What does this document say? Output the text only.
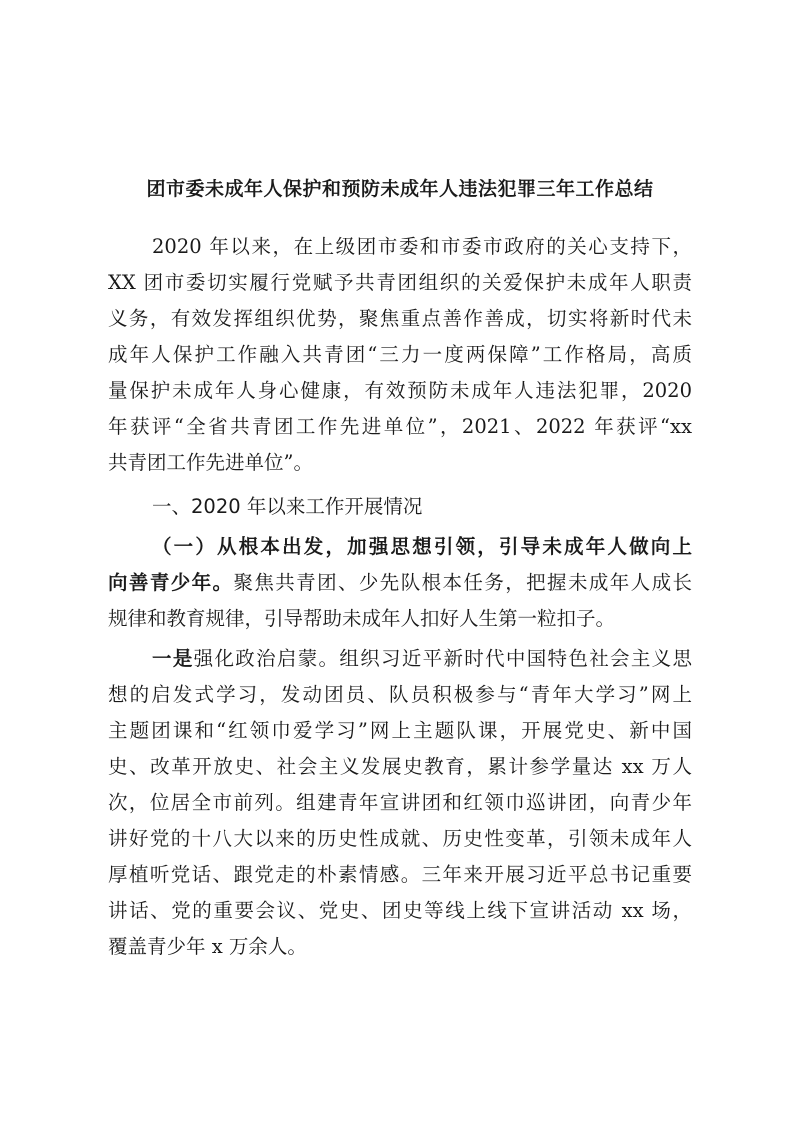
团市委未成年人保护和预防未成年人违法犯罪三年工作总结
2020 年以来，在上级团市委和市委市政府的关心支持下，
XX 团市委切实履行党赋予共青团组织的关爱保护未成年人职责
义务，有效发挥组织优势，聚焦重点善作善成，切实将新时代未
成年人保护工作融入共青团“三力一度两保障”工作格局，高质
量保护未成年人身心健康，有效预防未成年人违法犯罪，2020
年获评“全省共青团工作先进单位”，2021、2022 年获评“xx
共青团工作先进单位”。
一、2020 年以来工作开展情况
（一）从根本出发，加强思想引领，引导未成年人做向上
向善青少年。聚焦共青团、少先队根本任务，把握未成年人成长
规律和教育规律，引导帮助未成年人扣好人生第一粒扣子。
一是强化政治启蒙。组织习近平新时代中国特色社会主义思
想的启发式学习，发动团员、队员积极参与“青年大学习”网上
主题团课和“红领巾爱学习”网上主题队课，开展党史、新中国
史、改革开放史、社会主义发展史教育，累计参学量达 xx 万人
次，位居全市前列。组建青年宣讲团和红领巾巡讲团，向青少年
讲好党的十八大以来的历史性成就、历史性变革，引领未成年人
厚植听党话、跟党走的朴素情感。三年来开展习近平总书记重要
讲话、党的重要会议、党史、团史等线上线下宣讲活动 xx 场，
覆盖青少年 x 万余人。
